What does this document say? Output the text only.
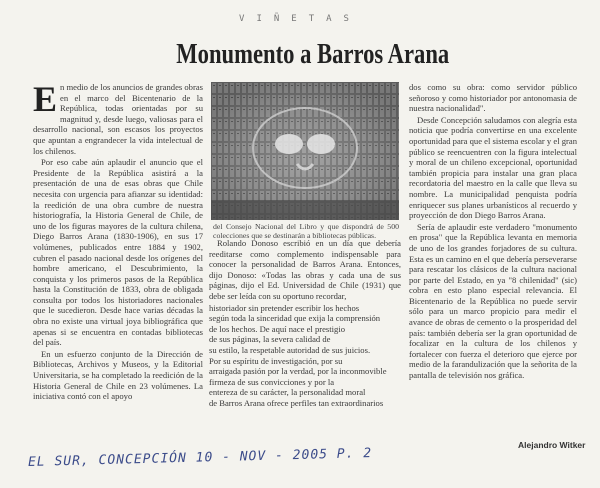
VIÑETAS
Monumento a Barros Arana

En medio de los anuncios de grandes obras en el marco del Bicentenario de la República, todas orientadas por su magnitud y, desde luego, valiosas para el desarrollo nacional, son escasos los proyectos que apuntan a engrandecer la vida intelectual de los chilenos.

Por eso cabe aún aplaudir el anuncio que el Presidente de la República asistirá a la presentación de una de esas obras que Chile necesita con urgencia para afianzar su identidad: la reedición de una obra cumbre de nuestra historiografía, la Historia General de Chile, de uno de los figuras mayores de la cultura chilena, Diego Barros Arana (1830-1906), en sus 17 volúmenes, publicados entre 1884 y 1902, cubren el pasado nacional desde los orígenes del hombre americano, el Descubrimiento, la conquista y los primeros pasos de la República hasta la Constitución de 1833, obra de obligada consulta por todos los historiadores nacionales que le sucedieron. Desde hace varias décadas la obra no existe una virtual joya bibliográfica que apenas si se encuentra en contadas bibliotecas del país.

En un esfuerzo conjunto de la Dirección de Bibliotecas, Archivos y Museos, y la Editorial Universitaria, se ha completado la reedición de la Historia General de Chile en 23 volúmenes. La iniciativa contó con el apoyo

del Consejo Nacional del Libro y que dispondrá de 500 colecciones que se destinarán a bibliotecas públicas.

Rolando Donoso escribió en un día que debería reeditarse como complemento indispensable para conocer la personalidad de Barros Arana. Entonces, dijo Donoso: «Todas las obras y cada una de sus páginas, dijo el Ed. Universidad de Chile (1931) que debe ser leída con su oportuno recordar,

historiador sin pretender escribir los hechos
según toda la sinceridad que exija la comprensión
de los hechos. De aquí nace el prestigio
de sus páginas, la severa calidad de
su estilo, la respetable autoridad de sus juicios.
Por su espíritu de investigación, por su
arraigada pasión por la verdad, por la inconmovible
firmeza de sus convicciones y por la
entereza de su carácter, la personalidad moral
de Barros Arana ofrece perfiles tan extraordinarios

dos como su obra: como servidor público señoroso y como historiador por antonomasia de nuestra nacionalidad".

Desde Concepción saludamos con alegría esta noticia que podría convertirse en una excelente oportunidad para que el sistema escolar y el gran público se reencuentren con la figura intelectual y moral de un chileno excepcional, oportunidad también propicia para instalar una gran placa recordatoria del maestro en la calle que lleva su nombre. La municipalidad penquista podría enriquecer sus planes urbanísticos al recuerdo y proyección de don Diego Barros Arana.

Sería de aplaudir este verdadero "monumento en prosa" que la República levanta en memoria de uno de los grandes forjadores de su cultura. Esta es un camino en el que debería perseverarse para rescatar los clásicos de la cultura nacional por parte del Estado, en ya "8 chilenidad" (sic) cobra en esto plano especial relevancia. El Bicentenario de la República no puede servir sólo para un marco propicio para medir el avance de obras de cemento o la prosperidad del país: también debería ser la gran oportunidad de focalizar en la cultura de los chilenos y fortalecer con fuerza el deterioro que ejerce por medio de la farandulización que la señorita de la pantalla de televisión nos gráfica.

Alejandro Witker
EL SUR, CONCEPCIÓN 10 - NOV - 2005 P. 2
